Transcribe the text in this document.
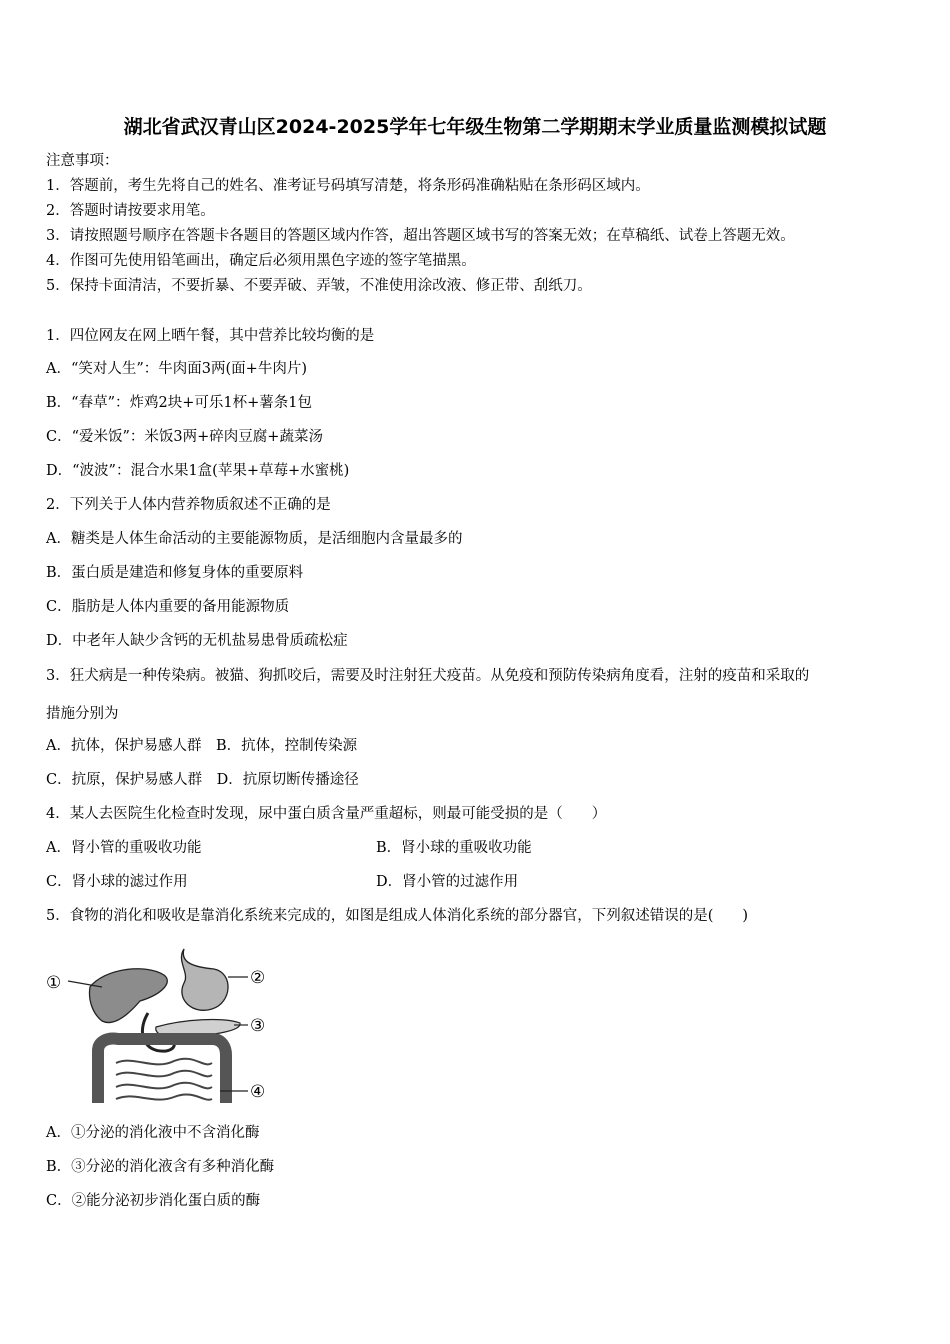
湖北省武汉青山区2024-2025学年七年级生物第二学期期末学业质量监测模拟试题
注意事项：
1．答题前，考生先将自己的姓名、准考证号码填写清楚，将条形码准确粘贴在条形码区域内。
2．答题时请按要求用笔。
3．请按照题号顺序在答题卡各题目的答题区域内作答，超出答题区域书写的答案无效；在草稿纸、试卷上答题无效。
4．作图可先使用铅笔画出，确定后必须用黑色字迹的签字笔描黑。
5．保持卡面清洁，不要折暴、不要弄破、弄皱，不准使用涂改液、修正带、刮纸刀。
1．四位网友在网上晒午餐，其中营养比较均衡的是
A．“笑对人生”：牛肉面3两(面+牛肉片)
B．“春草”：炸鸡2块+可乐1杯+薯条1包
C．“爱米饭”：米饭3两+碎肉豆腐+蔬菜汤
D．“波波”：混合水果1盒(苹果+草莓+水蜜桃)
2．下列关于人体内营养物质叙述不正确的是
A．糖类是人体生命活动的主要能源物质，是活细胞内含量最多的
B．蛋白质是建造和修复身体的重要原料
C．脂肪是人体内重要的备用能源物质
D．中老年人缺少含钙的无机盐易患骨质疏松症
3．狂犬病是一种传染病。被猫、狗抓咬后，需要及时注射狂犬疫苗。从免疫和预防传染病角度看，注射的疫苗和采取的
措施分别为
A．抗体，保护易感人群　B．抗体，控制传染源
C．抗原，保护易感人群　D．抗原切断传播途径
4．某人去医院生化检查时发现，尿中蛋白质含量严重超标，则最可能受损的是（　　）
A．肾小管的重吸收功能	B．肾小球的重吸收功能
C．肾小球的滤过作用	D．肾小管的过滤作用
5．食物的消化和吸收是靠消化系统来完成的，如图是组成人体消化系统的部分器官，下列叙述错误的是(　　)
①	②
③
④
A．①分泌的消化液中不含消化酶
B．③分泌的消化液含有多种消化酶
C．②能分泌初步消化蛋白质的酶
